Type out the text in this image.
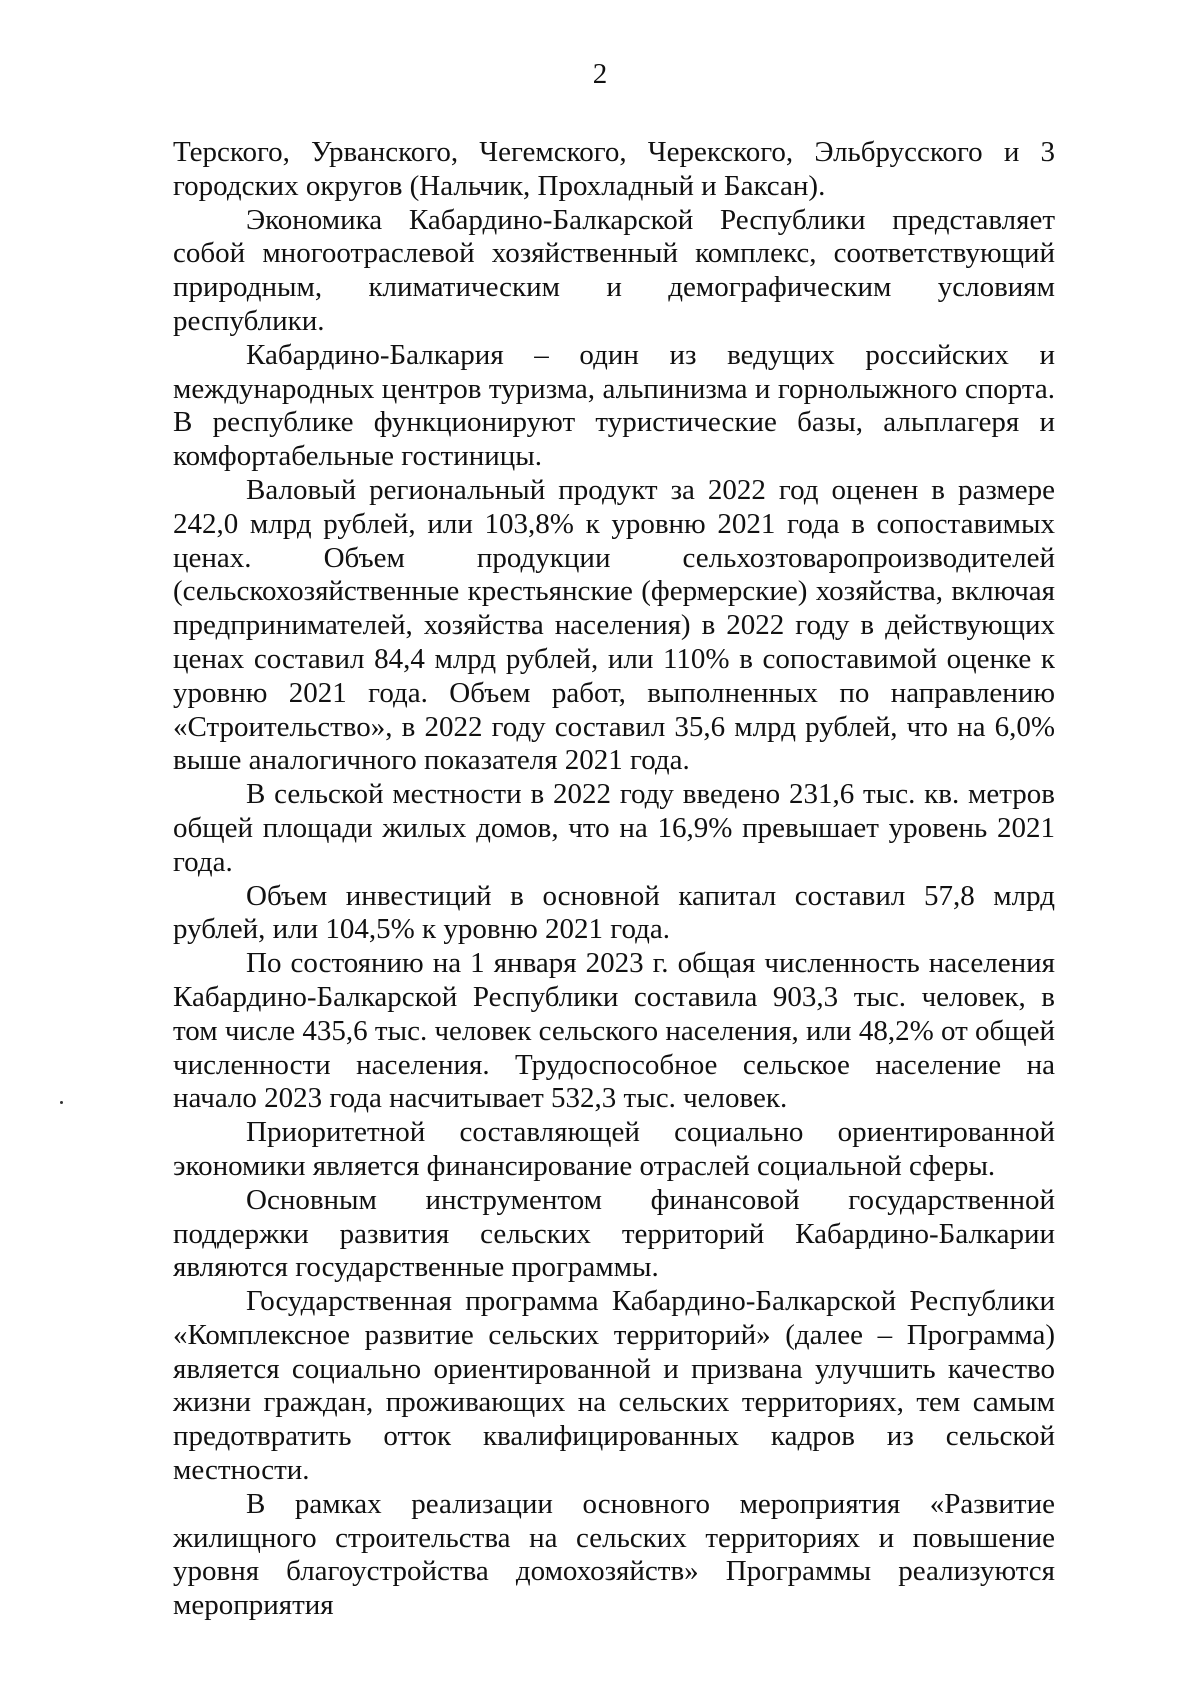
2

Терского, Урванского, Чегемского, Черекского, Эльбрусского и 3 городских округов (Нальчик, Прохладный и Баксан).

Экономика Кабардино-Балкарской Республики представляет собой многоотраслевой хозяйственный комплекс, соответствующий природным, климатическим и демографическим условиям республики.

Кабардино-Балкария – один из ведущих российских и международных центров туризма, альпинизма и горнолыжного спорта. В республике функционируют туристические базы, альплагеря и комфортабельные гостиницы.

Валовый региональный продукт за 2022 год оценен в размере 242,0 млрд рублей, или 103,8% к уровню 2021 года в сопоставимых ценах. Объем продукции сельхозтоваропроизводителей (сельскохозяйственные крестьянские (фермерские) хозяйства, включая предпринимателей, хозяйства населения) в 2022 году в действующих ценах составил 84,4 млрд рублей, или 110% в сопоставимой оценке к уровню 2021 года. Объем работ, выполненных по направлению «Строительство», в 2022 году составил 35,6 млрд рублей, что на 6,0% выше аналогичного показателя 2021 года.

В сельской местности в 2022 году введено 231,6 тыс. кв. метров общей площади жилых домов, что на 16,9% превышает уровень 2021 года.

Объем инвестиций в основной капитал составил 57,8 млрд рублей, или 104,5% к уровню 2021 года.

По состоянию на 1 января 2023 г. общая численность населения Кабардино-Балкарской Республики составила 903,3 тыс. человек, в том числе 435,6 тыс. человек сельского населения, или 48,2% от общей численности населения. Трудоспособное сельское население на начало 2023 года насчитывает 532,3 тыс. человек.

Приоритетной составляющей социально ориентированной экономики является финансирование отраслей социальной сферы.

Основным инструментом финансовой государственной поддержки развития сельских территорий Кабардино-Балкарии являются государственные программы.

Государственная программа Кабардино-Балкарской Республики «Комплексное развитие сельских территорий» (далее – Программа) является социально ориентированной и призвана улучшить качество жизни граждан, проживающих на сельских территориях, тем самым предотвратить отток квалифицированных кадров из сельской местности.

В рамках реализации основного мероприятия «Развитие жилищного строительства на сельских территориях и повышение уровня благоустройства домохозяйств» Программы реализуются мероприятия
